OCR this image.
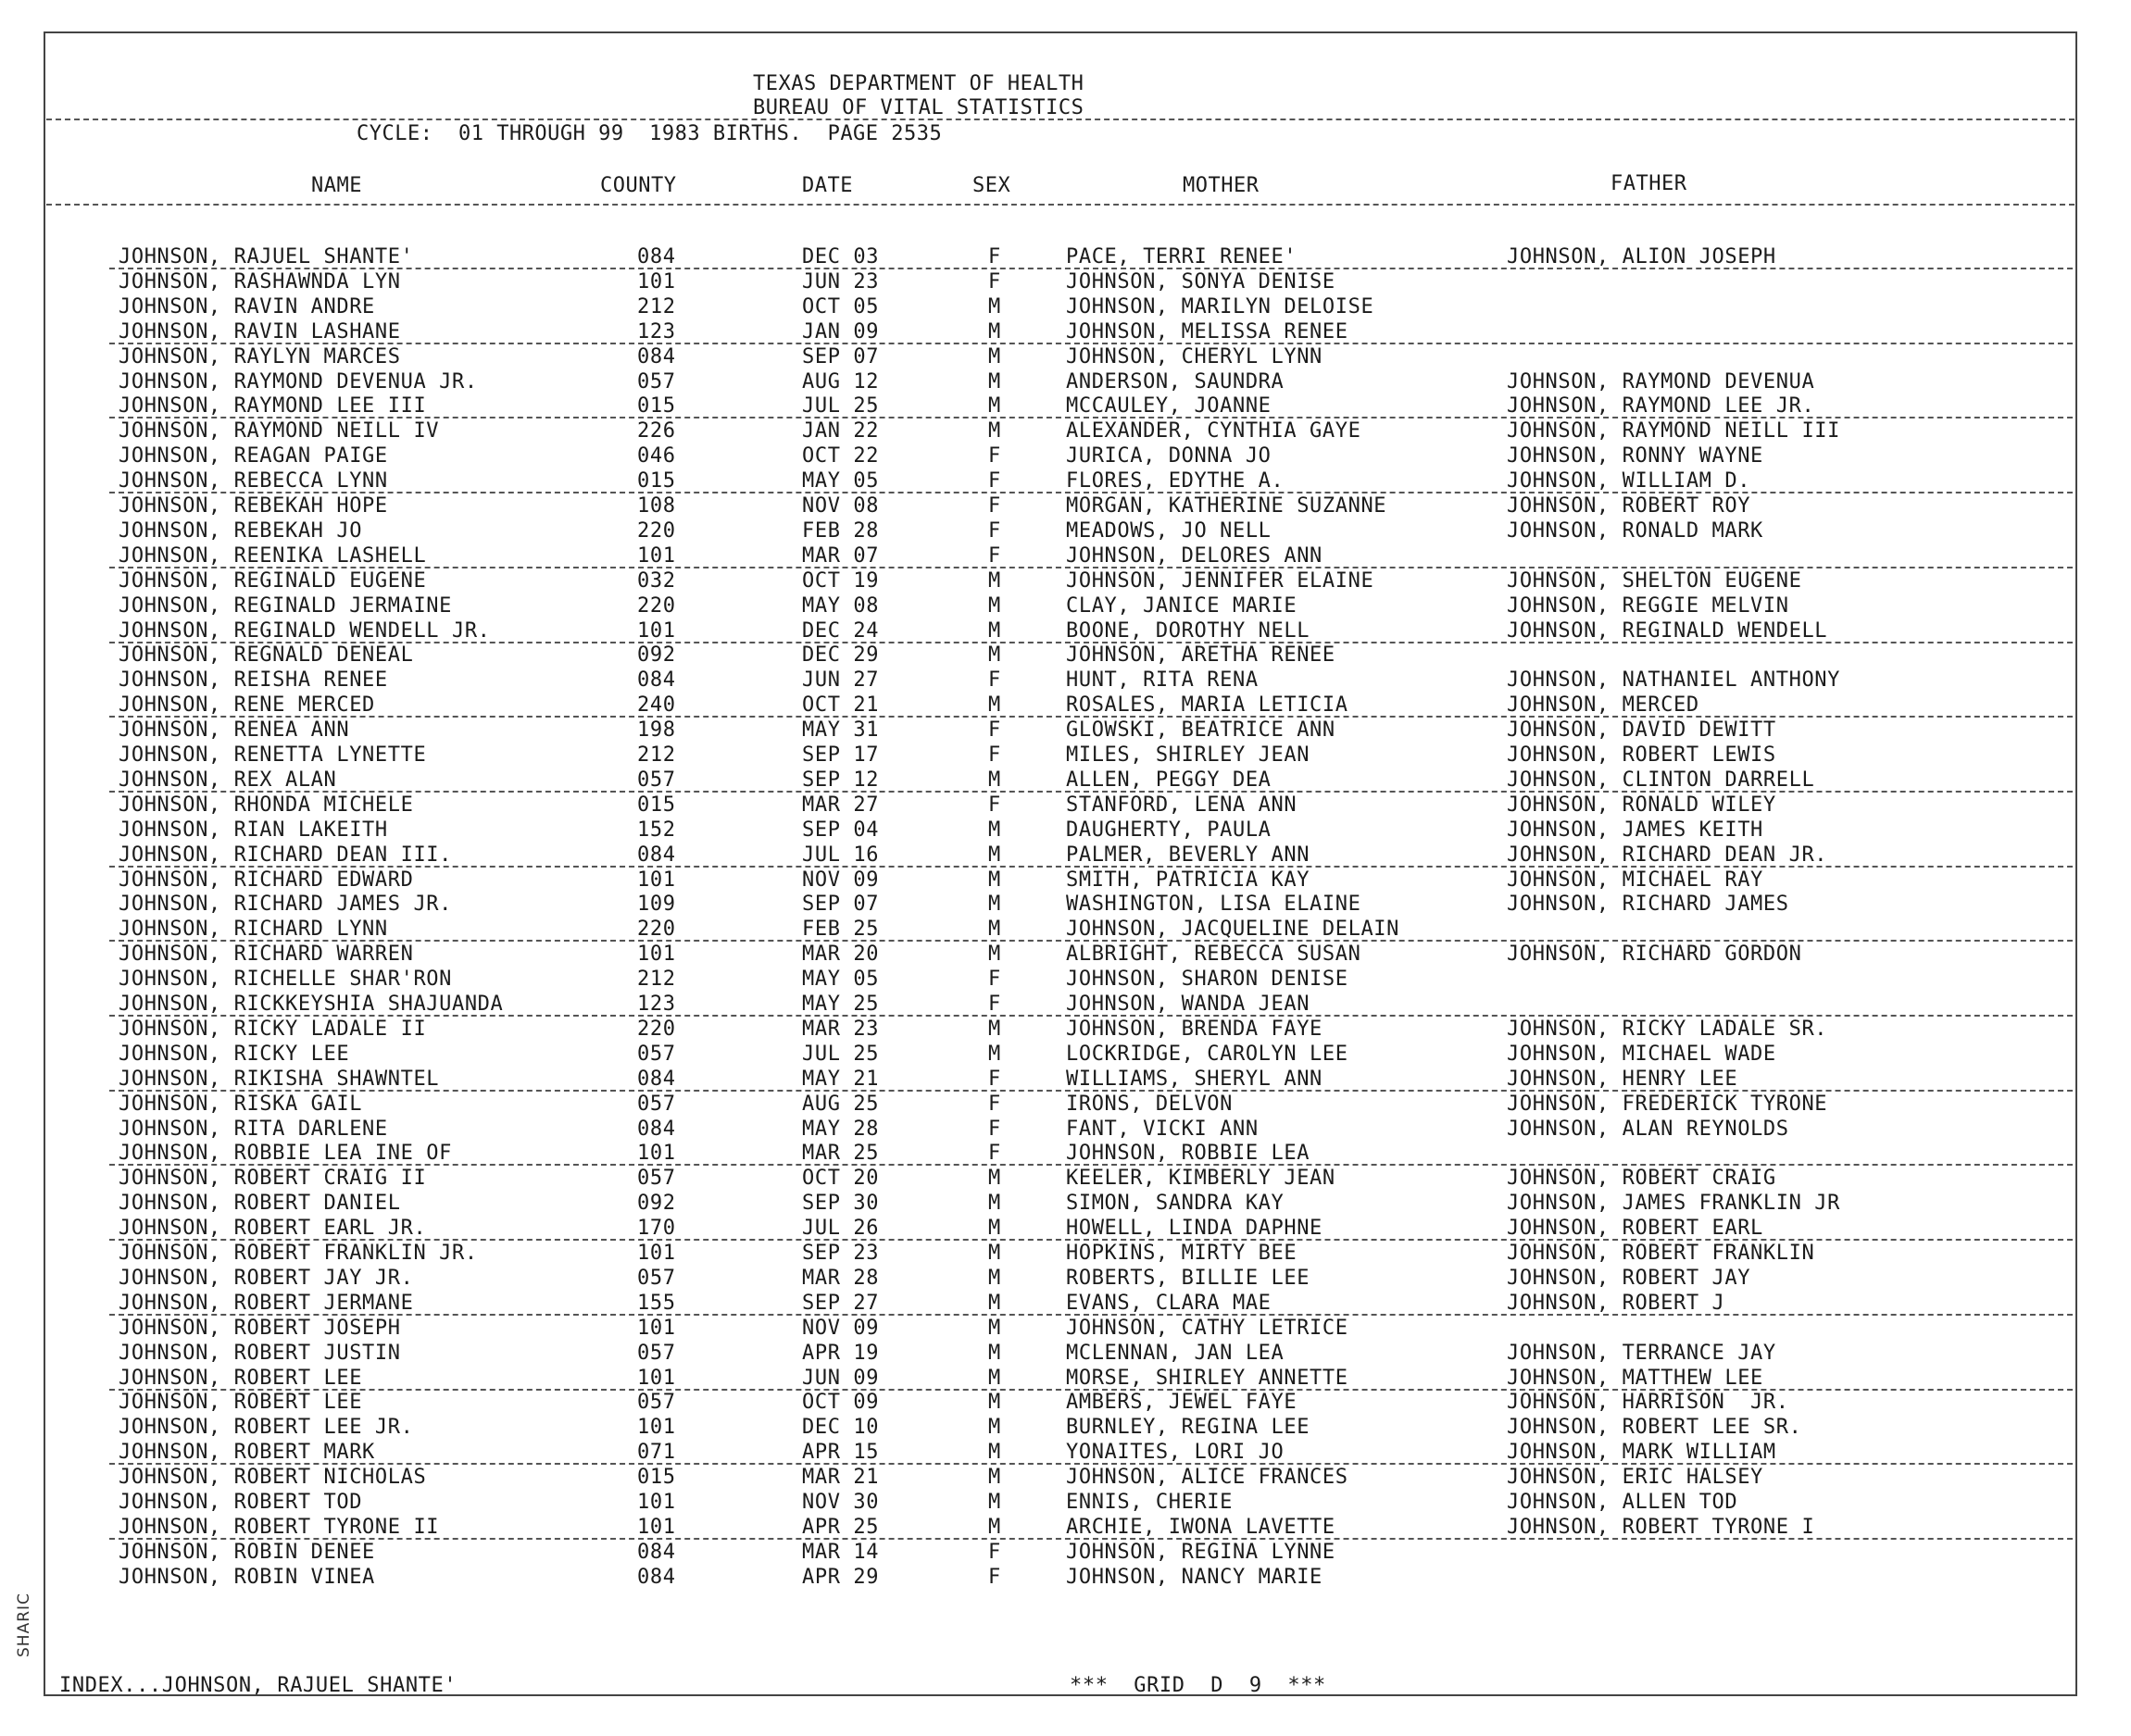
SHARIC
TEXAS DEPARTMENT OF HEALTH
BUREAU OF VITAL STATISTICS
CYCLE:  01 THROUGH 99  1983 BIRTHS.  PAGE 2535
NAME	COUNTY	DATE	SEX	MOTHER	FATHER
JOHNSON, RAJUEL SHANTE'	084	DEC 03	F	PACE, TERRI RENEE'	JOHNSON, ALION JOSEPH
JOHNSON, RASHAWNDA LYN	101	JUN 23	F	JOHNSON, SONYA DENISE
JOHNSON, RAVIN ANDRE	212	OCT 05	M	JOHNSON, MARILYN DELOISE
JOHNSON, RAVIN LASHANE	123	JAN 09	M	JOHNSON, MELISSA RENEE
JOHNSON, RAYLYN MARCES	084	SEP 07	M	JOHNSON, CHERYL LYNN
JOHNSON, RAYMOND DEVENUA JR.	057	AUG 12	M	ANDERSON, SAUNDRA	JOHNSON, RAYMOND DEVENUA
JOHNSON, RAYMOND LEE III	015	JUL 25	M	MCCAULEY, JOANNE	JOHNSON, RAYMOND LEE JR.
JOHNSON, RAYMOND NEILL IV	226	JAN 22	M	ALEXANDER, CYNTHIA GAYE	JOHNSON, RAYMOND NEILL III
JOHNSON, REAGAN PAIGE	046	OCT 22	F	JURICA, DONNA JO	JOHNSON, RONNY WAYNE
JOHNSON, REBECCA LYNN	015	MAY 05	F	FLORES, EDYTHE A.	JOHNSON, WILLIAM D.
JOHNSON, REBEKAH HOPE	108	NOV 08	F	MORGAN, KATHERINE SUZANNE	JOHNSON, ROBERT ROY
JOHNSON, REBEKAH JO	220	FEB 28	F	MEADOWS, JO NELL	JOHNSON, RONALD MARK
JOHNSON, REENIKA LASHELL	101	MAR 07	F	JOHNSON, DELORES ANN
JOHNSON, REGINALD EUGENE	032	OCT 19	M	JOHNSON, JENNIFER ELAINE	JOHNSON, SHELTON EUGENE
JOHNSON, REGINALD JERMAINE	220	MAY 08	M	CLAY, JANICE MARIE	JOHNSON, REGGIE MELVIN
JOHNSON, REGINALD WENDELL JR.	101	DEC 24	M	BOONE, DOROTHY NELL	JOHNSON, REGINALD WENDELL
JOHNSON, REGNALD DENEAL	092	DEC 29	M	JOHNSON, ARETHA RENEE
JOHNSON, REISHA RENEE	084	JUN 27	F	HUNT, RITA RENA	JOHNSON, NATHANIEL ANTHONY
JOHNSON, RENE MERCED	240	OCT 21	M	ROSALES, MARIA LETICIA	JOHNSON, MERCED
JOHNSON, RENEA ANN	198	MAY 31	F	GLOWSKI, BEATRICE ANN	JOHNSON, DAVID DEWITT
JOHNSON, RENETTA LYNETTE	212	SEP 17	F	MILES, SHIRLEY JEAN	JOHNSON, ROBERT LEWIS
JOHNSON, REX ALAN	057	SEP 12	M	ALLEN, PEGGY DEA	JOHNSON, CLINTON DARRELL
JOHNSON, RHONDA MICHELE	015	MAR 27	F	STANFORD, LENA ANN	JOHNSON, RONALD WILEY
JOHNSON, RIAN LAKEITH	152	SEP 04	M	DAUGHERTY, PAULA	JOHNSON, JAMES KEITH
JOHNSON, RICHARD DEAN III.	084	JUL 16	M	PALMER, BEVERLY ANN	JOHNSON, RICHARD DEAN JR.
JOHNSON, RICHARD EDWARD	101	NOV 09	M	SMITH, PATRICIA KAY	JOHNSON, MICHAEL RAY
JOHNSON, RICHARD JAMES JR.	109	SEP 07	M	WASHINGTON, LISA ELAINE	JOHNSON, RICHARD JAMES
JOHNSON, RICHARD LYNN	220	FEB 25	M	JOHNSON, JACQUELINE DELAIN
JOHNSON, RICHARD WARREN	101	MAR 20	M	ALBRIGHT, REBECCA SUSAN	JOHNSON, RICHARD GORDON
JOHNSON, RICHELLE SHAR'RON	212	MAY 05	F	JOHNSON, SHARON DENISE
JOHNSON, RICKKEYSHIA SHAJUANDA	123	MAY 25	F	JOHNSON, WANDA JEAN
JOHNSON, RICKY LADALE II	220	MAR 23	M	JOHNSON, BRENDA FAYE	JOHNSON, RICKY LADALE SR.
JOHNSON, RICKY LEE	057	JUL 25	M	LOCKRIDGE, CAROLYN LEE	JOHNSON, MICHAEL WADE
JOHNSON, RIKISHA SHAWNTEL	084	MAY 21	F	WILLIAMS, SHERYL ANN	JOHNSON, HENRY LEE
JOHNSON, RISKA GAIL	057	AUG 25	F	IRONS, DELVON	JOHNSON, FREDERICK TYRONE
JOHNSON, RITA DARLENE	084	MAY 28	F	FANT, VICKI ANN	JOHNSON, ALAN REYNOLDS
JOHNSON, ROBBIE LEA INE OF	101	MAR 25	F	JOHNSON, ROBBIE LEA
JOHNSON, ROBERT CRAIG II	057	OCT 20	M	KEELER, KIMBERLY JEAN	JOHNSON, ROBERT CRAIG
JOHNSON, ROBERT DANIEL	092	SEP 30	M	SIMON, SANDRA KAY	JOHNSON, JAMES FRANKLIN JR
JOHNSON, ROBERT EARL JR.	170	JUL 26	M	HOWELL, LINDA DAPHNE	JOHNSON, ROBERT EARL
JOHNSON, ROBERT FRANKLIN JR.	101	SEP 23	M	HOPKINS, MIRTY BEE	JOHNSON, ROBERT FRANKLIN
JOHNSON, ROBERT JAY JR.	057	MAR 28	M	ROBERTS, BILLIE LEE	JOHNSON, ROBERT JAY
JOHNSON, ROBERT JERMANE	155	SEP 27	M	EVANS, CLARA MAE	JOHNSON, ROBERT J
JOHNSON, ROBERT JOSEPH	101	NOV 09	M	JOHNSON, CATHY LETRICE
JOHNSON, ROBERT JUSTIN	057	APR 19	M	MCLENNAN, JAN LEA	JOHNSON, TERRANCE JAY
JOHNSON, ROBERT LEE	101	JUN 09	M	MORSE, SHIRLEY ANNETTE	JOHNSON, MATTHEW LEE
JOHNSON, ROBERT LEE	057	OCT 09	M	AMBERS, JEWEL FAYE	JOHNSON, HARRISON  JR.
JOHNSON, ROBERT LEE JR.	101	DEC 10	M	BURNLEY, REGINA LEE	JOHNSON, ROBERT LEE SR.
JOHNSON, ROBERT MARK	071	APR 15	M	YONAITES, LORI JO	JOHNSON, MARK WILLIAM
JOHNSON, ROBERT NICHOLAS	015	MAR 21	M	JOHNSON, ALICE FRANCES	JOHNSON, ERIC HALSEY
JOHNSON, ROBERT TOD	101	NOV 30	M	ENNIS, CHERIE	JOHNSON, ALLEN TOD
JOHNSON, ROBERT TYRONE II	101	APR 25	M	ARCHIE, IWONA LAVETTE	JOHNSON, ROBERT TYRONE I
JOHNSON, ROBIN DENEE	084	MAR 14	F	JOHNSON, REGINA LYNNE
JOHNSON, ROBIN VINEA	084	APR 29	F	JOHNSON, NANCY MARIE
INDEX...JOHNSON, RAJUEL SHANTE'	***  GRID  D  9  ***
